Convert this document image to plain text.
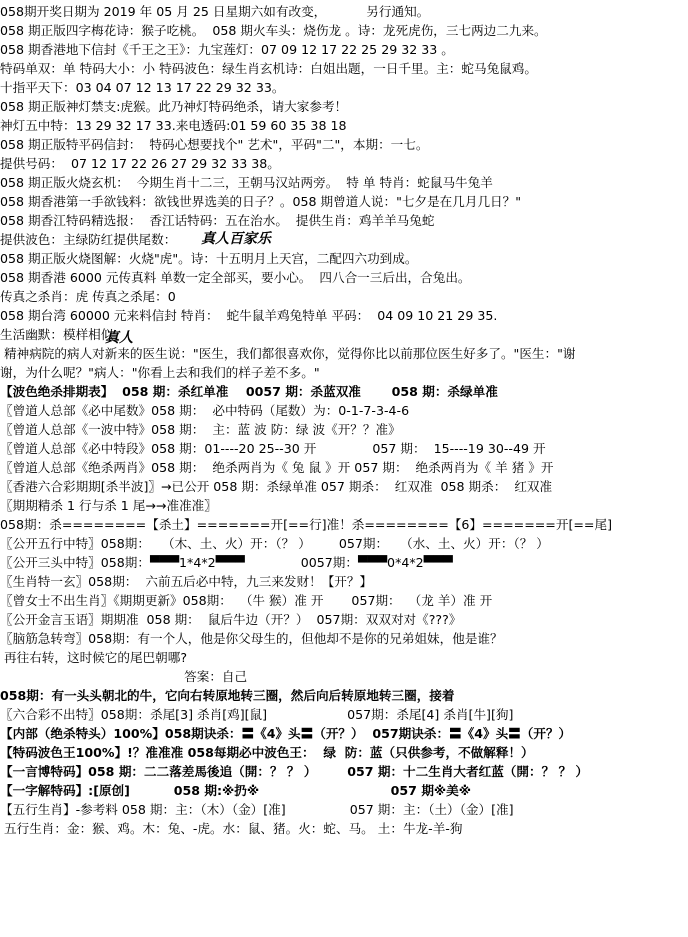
058期开奖日期为 2019 年 05 月 25 日星期六如有改变，          另行通知。
058 期正版四字梅花诗：猴子吃桃。  058 期火车头：烧伤龙 。诗：龙死虎伤，三七两边二九来。
058 期香港地下信封《千王之王》：九宝莲灯：07 09 12 17 22 25 29 32 33 。
特码单双：单 特码大小：小 特码波色：绿生肖玄机诗：白姐出题，一日千里。主：蛇马兔鼠鸡。
十指平天下：03 04 07 12 13 17 22 29 32 33。
058 期正版神灯禁支:虎猴。此乃神灯特码绝杀，请大家参考！
神灯五中特：13 29 32 17 33.来电透码:01 59 60 35 38 18
058 期正版特平码信封：  特码心想要找个" 艺术"，平码"二"，本期：一七。
提供号码：  07 12 17 22 26 27 29 32 33 38。
058 期正版火烧玄机：  今期生肖十二三，王朝马汉站两旁。  特 单 特肖：蛇鼠马牛兔羊
058 期香港第一手欲钱料：欲钱世界选美的日子？。058 期曾道人说："七夕是在几月几日？"
058 期香江特码精选报：  香江话特码：五在治水。  提供生肖：鸡羊羊马兔蛇
提供波色：主绿防红提供尾数：	真人百家乐
058 期正版火烧图解：火烧"虎"。诗：十五明月上天宫，二配四六功到成。
058 期香港 6000 元传真料 单数一定全部买，要小心。  四八合一三后出，合兔出。
传真之杀肖：虎 传真之杀尾：0
058 期台湾 60000 元来料信封 特肖：  蛇牛鼠羊鸡兔特单 平码：  04 09 10 21 29 35.
生活幽默：模样相似
真人
精神病院的病人对新来的医生说："医生，我们都很喜欢你，觉得你比以前那位医生好多了。"医生："谢
谢，为什么呢？"病人："你看上去和我们的样子差不多。"
【波色绝杀排期表】  058 期：杀红单准    0057 期：杀蓝双准       058 期：杀绿单准
〖曾道人总部《必中尾数》058 期：  必中特码（尾数）为：0-1-7-3-4-6
〖曾道人总部《一波中特》058 期：  主：蓝 波 防：绿 波《开？？准》
〖曾道人总部《必中特段》058 期：01----20 25--30 开              057 期：  15----19 30--49 开
〖曾道人总部《绝杀两肖》058 期：  绝杀两肖为《 兔 鼠 》开 057 期：  绝杀两肖为《 羊 猪 》开
〖香港六合彩期期[杀半波]〗→已公开 058 期：杀绿单准 057 期杀：  红双准  058 期杀：  红双准
〖期期精杀 1 行与杀 1 尾→→准准准〗
058期：杀========【杀土】=======开[==行]准！杀========【6】=======开[==尾]
〖公开五行中特〗058期：   （木、土、火）开：（？ ）       057期：   （水、土、火）开：（？ ）
〖公开三头中特〗058期：▀▀▀1*4*2▀▀▀              0057期：▀▀▀0*4*2▀▀▀
〖生肖特一玄〗058期：  六前五后必中特，九三来发财！【开？】
〖曾女士不出生肖〗《期期更新》058期：  （牛 猴）准 开       057期：  （龙 羊）准 开
〖公开金言玉语〗期期准  058 期：  鼠后牛边（开？）  057期：双双对对《???》
〖脑筋急转弯〗058期：有一个人，他是你父母生的，但他却不是你的兄弟姐妹，他是谁？
再往右转，这时候它的尾巴朝哪?
答案：自己
058期：有一头头朝北的牛，它向右转原地转三圈，然后向后转原地转三圈，接着
〖六合彩不出特〗058期：杀尾[3] 杀肖[鸡][鼠]                    057期：杀尾[4] 杀肖[牛][狗]
【内部（绝杀特头）100%】058期诀杀：〓《4》头〓（开？）  057期诀杀：〓《4》头〓（开？）
【特码波色王100%】!？准准准 058每期必中波色王：  绿  防：蓝（只供参考，不做解释！）
【一言博特码】058 期：二二落差馬後追（開：？ ？ ）       057 期：十二生肖大者红蓝（開：？ ？ ）
【一字解特码】:[原创]          058 期:※扔※                              057 期※美※
【五行生肖】-参考料 058 期：主：（木）（金）[准]                057 期：主：（土）（金）[准]
五行生肖：金：猴、鸡。木：兔、-虎。水：鼠、猪。火：蛇、马。 土：牛龙-羊-狗
